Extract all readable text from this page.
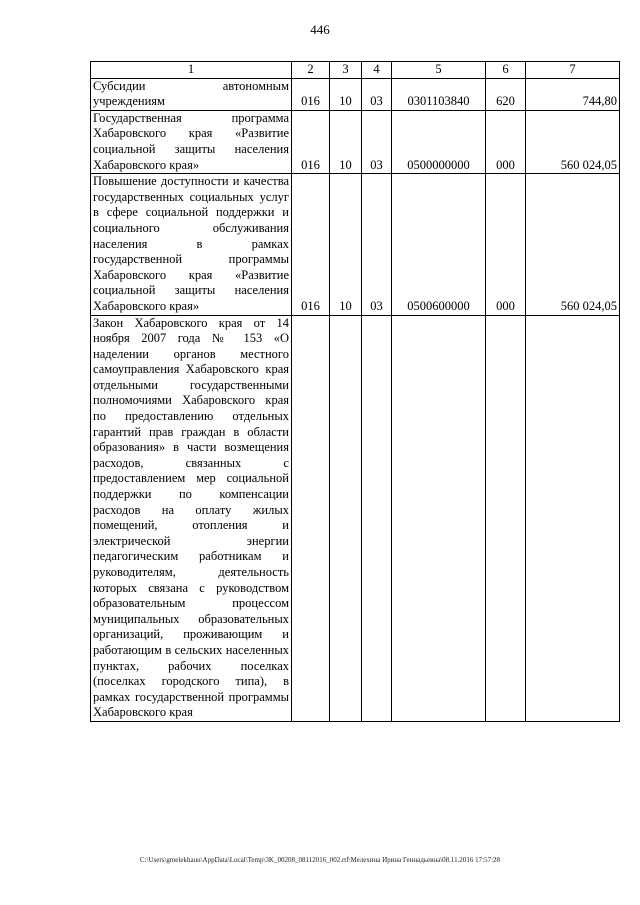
446
1	2	3	4	5	6	7
Субсидии автономным учреждениям	016	10	03	0301103840	620	744,80
Государственная программа Хабаровского края «Развитие социальной защиты населения Хабаровского края»	016	10	03	0500000000	000	560 024,05
Повышение доступности и качества государственных социальных услуг в сфере социальной поддержки и социального обслуживания населения в рамках государственной программы Хабаровского края «Развитие социальной защиты населения Хабаровского края»	016	10	03	0500600000	000	560 024,05
Закон Хабаровского края от 14 ноября 2007 года № 153 «О наделении органов местного самоуправления Хабаровского края отдельными государственными полномочиями Хабаровского края по предоставлению отдельных гарантий прав граждан в области образования» в части возмещения расходов, связанных с предоставлением мер социальной поддержки по компенсации расходов на оплату жилых помещений, отопления и электрической энергии педагогическим работникам и руководителям, деятельность которых связана с руководством образовательным процессом муниципальных образовательных организаций, проживающим и работающим в сельских населенных пунктах, рабочих поселках (поселках городского типа), в рамках государственной программы Хабаровского края						
C:\Users\gmelekhauu\AppData\Local\Temp\3K_00208_08112016_002.rtf\Мелехина Ирина Геннадьевна\08.11.2016 17:57:28
